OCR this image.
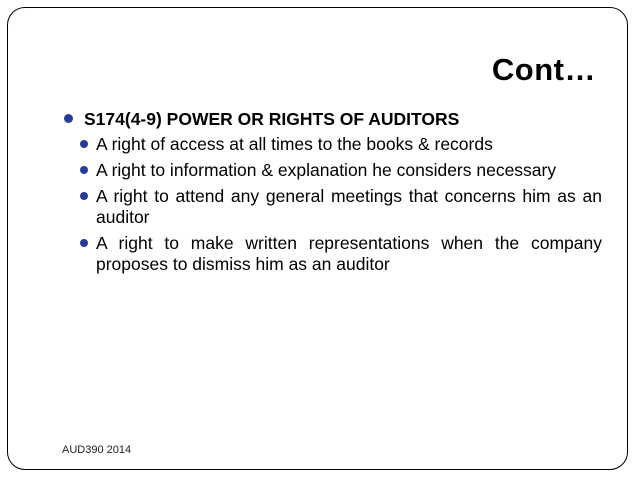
Cont…
S174(4-9) POWER OR RIGHTS OF AUDITORS
A right of access at all times to the books & records
A right to information & explanation he considers necessary
A right to attend any general meetings that concerns him as an auditor
A right to make written representations when the company proposes to dismiss him as an auditor
AUD390 2014
